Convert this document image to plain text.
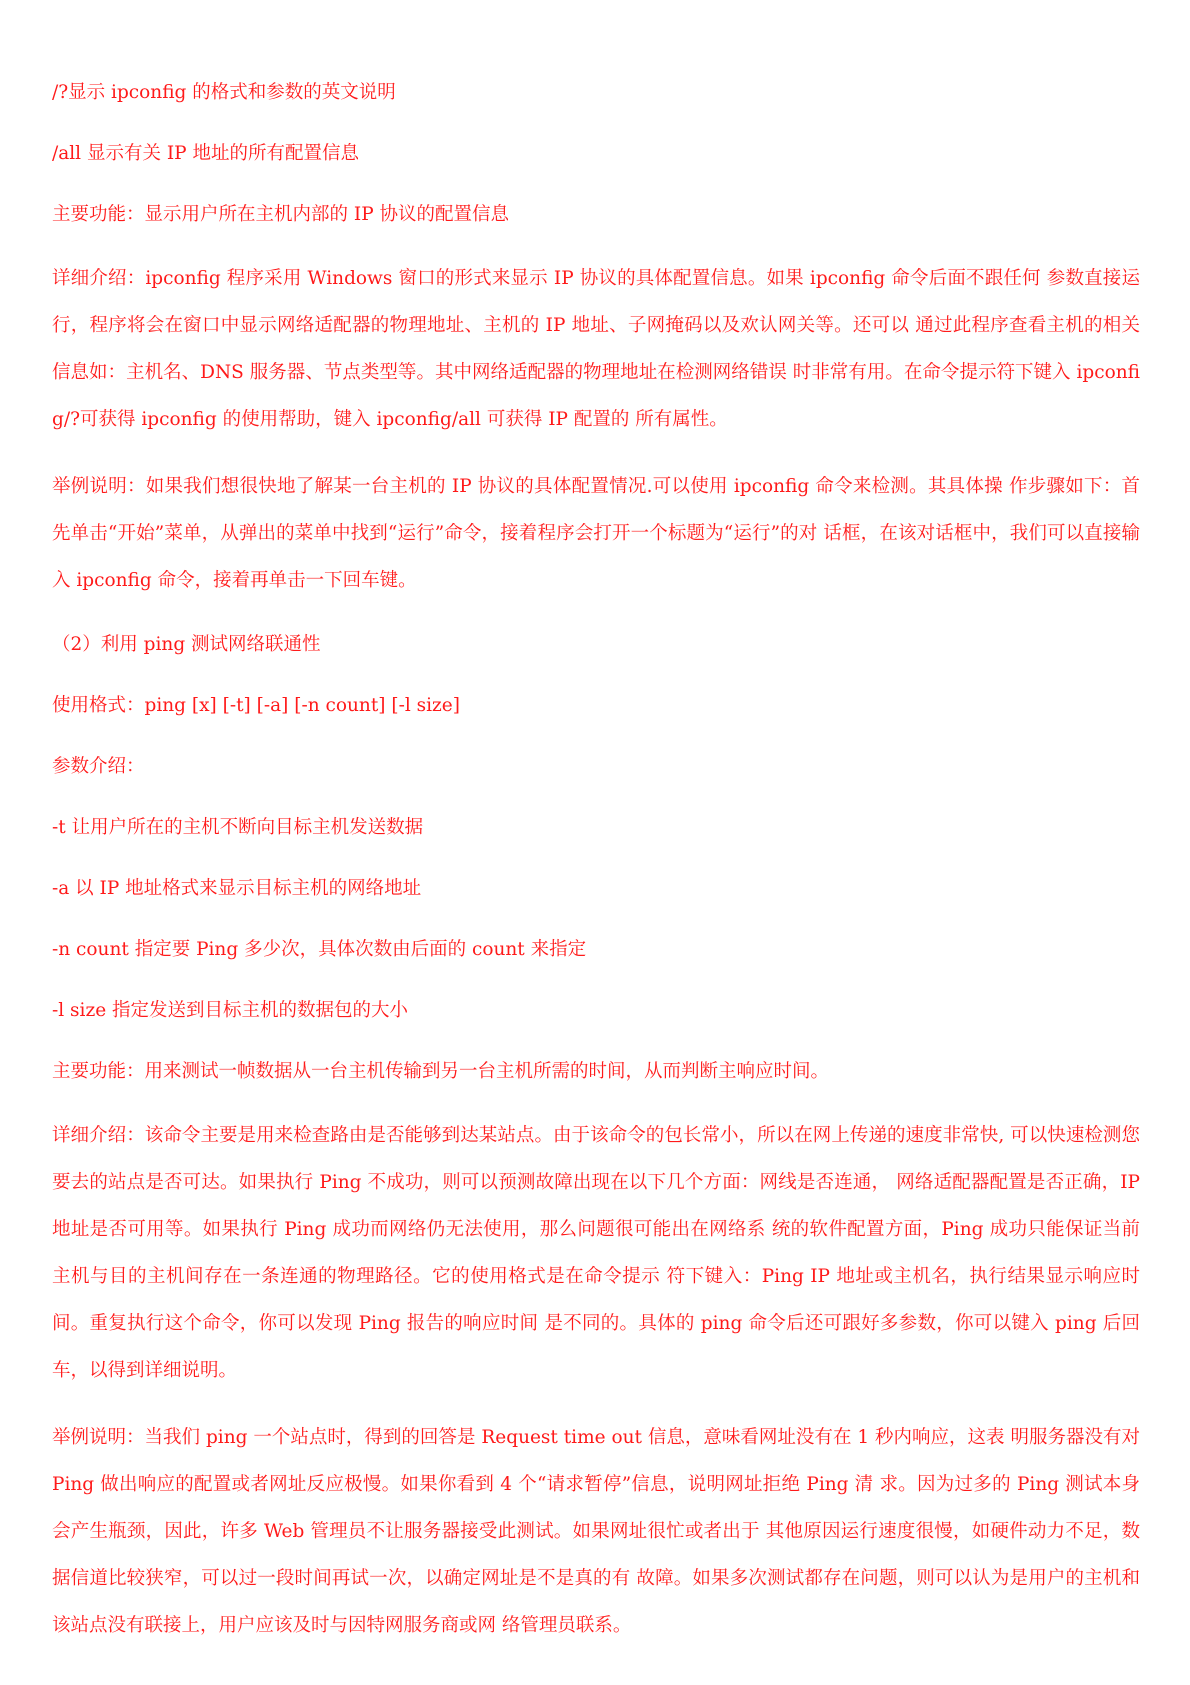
/?显示 ipconfig 的格式和参数的英文说明

/all 显示有关 IP 地址的所有配置信息

主要功能：显示用户所在主机内部的 IP 协议的配置信息

详细介绍：ipconfig 程序采用 Windows 窗口的形式来显示 IP 协议的具体配置信息。如果 ipconfig 命令后面不跟任何 参数直接运行，程序将会在窗口中显示网络适配器的物理地址、主机的 IP 地址、子网掩码以及欢认网关等。还可以 通过此程序查看主机的相关信息如：主机名、DNS 服务器、节点类型等。其中网络适配器的物理地址在检测网络错误 时非常有用。在命令提示符下键入 ipconfig/?可获得 ipconfig 的使用帮助，键入 ipconfig/all 可获得 IP 配置的 所有属性。

举例说明：如果我们想很快地了解某一台主机的 IP 协议的具体配置情况.可以使用 ipconfig 命令来检测。其具体操 作步骤如下：首先单击“开始”菜单，从弹出的菜单中找到“运行”命令，接着程序会打开一个标题为“运行”的对 话框，在该对话框中，我们可以直接输入 ipconfig 命令，接着再单击一下回车键。

（2）利用 ping 测试网络联通性

使用格式：ping [x] [-t] [-a] [-n count] [-l size]

参数介绍：

-t 让用户所在的主机不断向目标主机发送数据

-a 以 IP 地址格式来显示目标主机的网络地址

-n count 指定要 Ping 多少次，具体次数由后面的 count 来指定

-l size 指定发送到目标主机的数据包的大小

主要功能：用来测试一帧数据从一台主机传输到另一台主机所需的时间，从而判断主响应时间。

详细介绍：该命令主要是用来检查路由是否能够到达某站点。由于该命令的包长常小，所以在网上传递的速度非常快, 可以快速检测您要去的站点是否可达。如果执行 Ping 不成功，则可以预测故障出现在以下几个方面：网线是否连通， 网络适配器配置是否正确，IP 地址是否可用等。如果执行 Ping 成功而网络仍无法使用，那么问题很可能出在网络系 统的软件配置方面，Ping 成功只能保证当前主机与目的主机间存在一条连通的物理路径。它的使用格式是在命令提示 符下键入：Ping IP 地址或主机名，执行结果显示响应时间。重复执行这个命令，你可以发现 Ping 报告的响应时间 是不同的。具体的 ping 命令后还可跟好多参数，你可以键入 ping 后回车，以得到详细说明。

举例说明：当我们 ping 一个站点时，得到的回答是 Request time out 信息，意味看网址没有在 1 秒内响应，这表 明服务器没有对 Ping 做出响应的配置或者网址反应极慢。如果你看到 4 个“请求暂停”信息，说明网址拒绝 Ping 清 求。因为过多的 Ping 测试本身会产生瓶颈，因此，许多 Web 管理员不让服务器接受此测试。如果网址很忙或者出于 其他原因运行速度很慢，如硬件动力不足，数据信道比较狭窄，可以过一段时间再试一次，以确定网址是不是真的有 故障。如果多次测试都存在问题，则可以认为是用户的主机和该站点没有联接上，用户应该及时与因特网服务商或网 络管理员联系。
